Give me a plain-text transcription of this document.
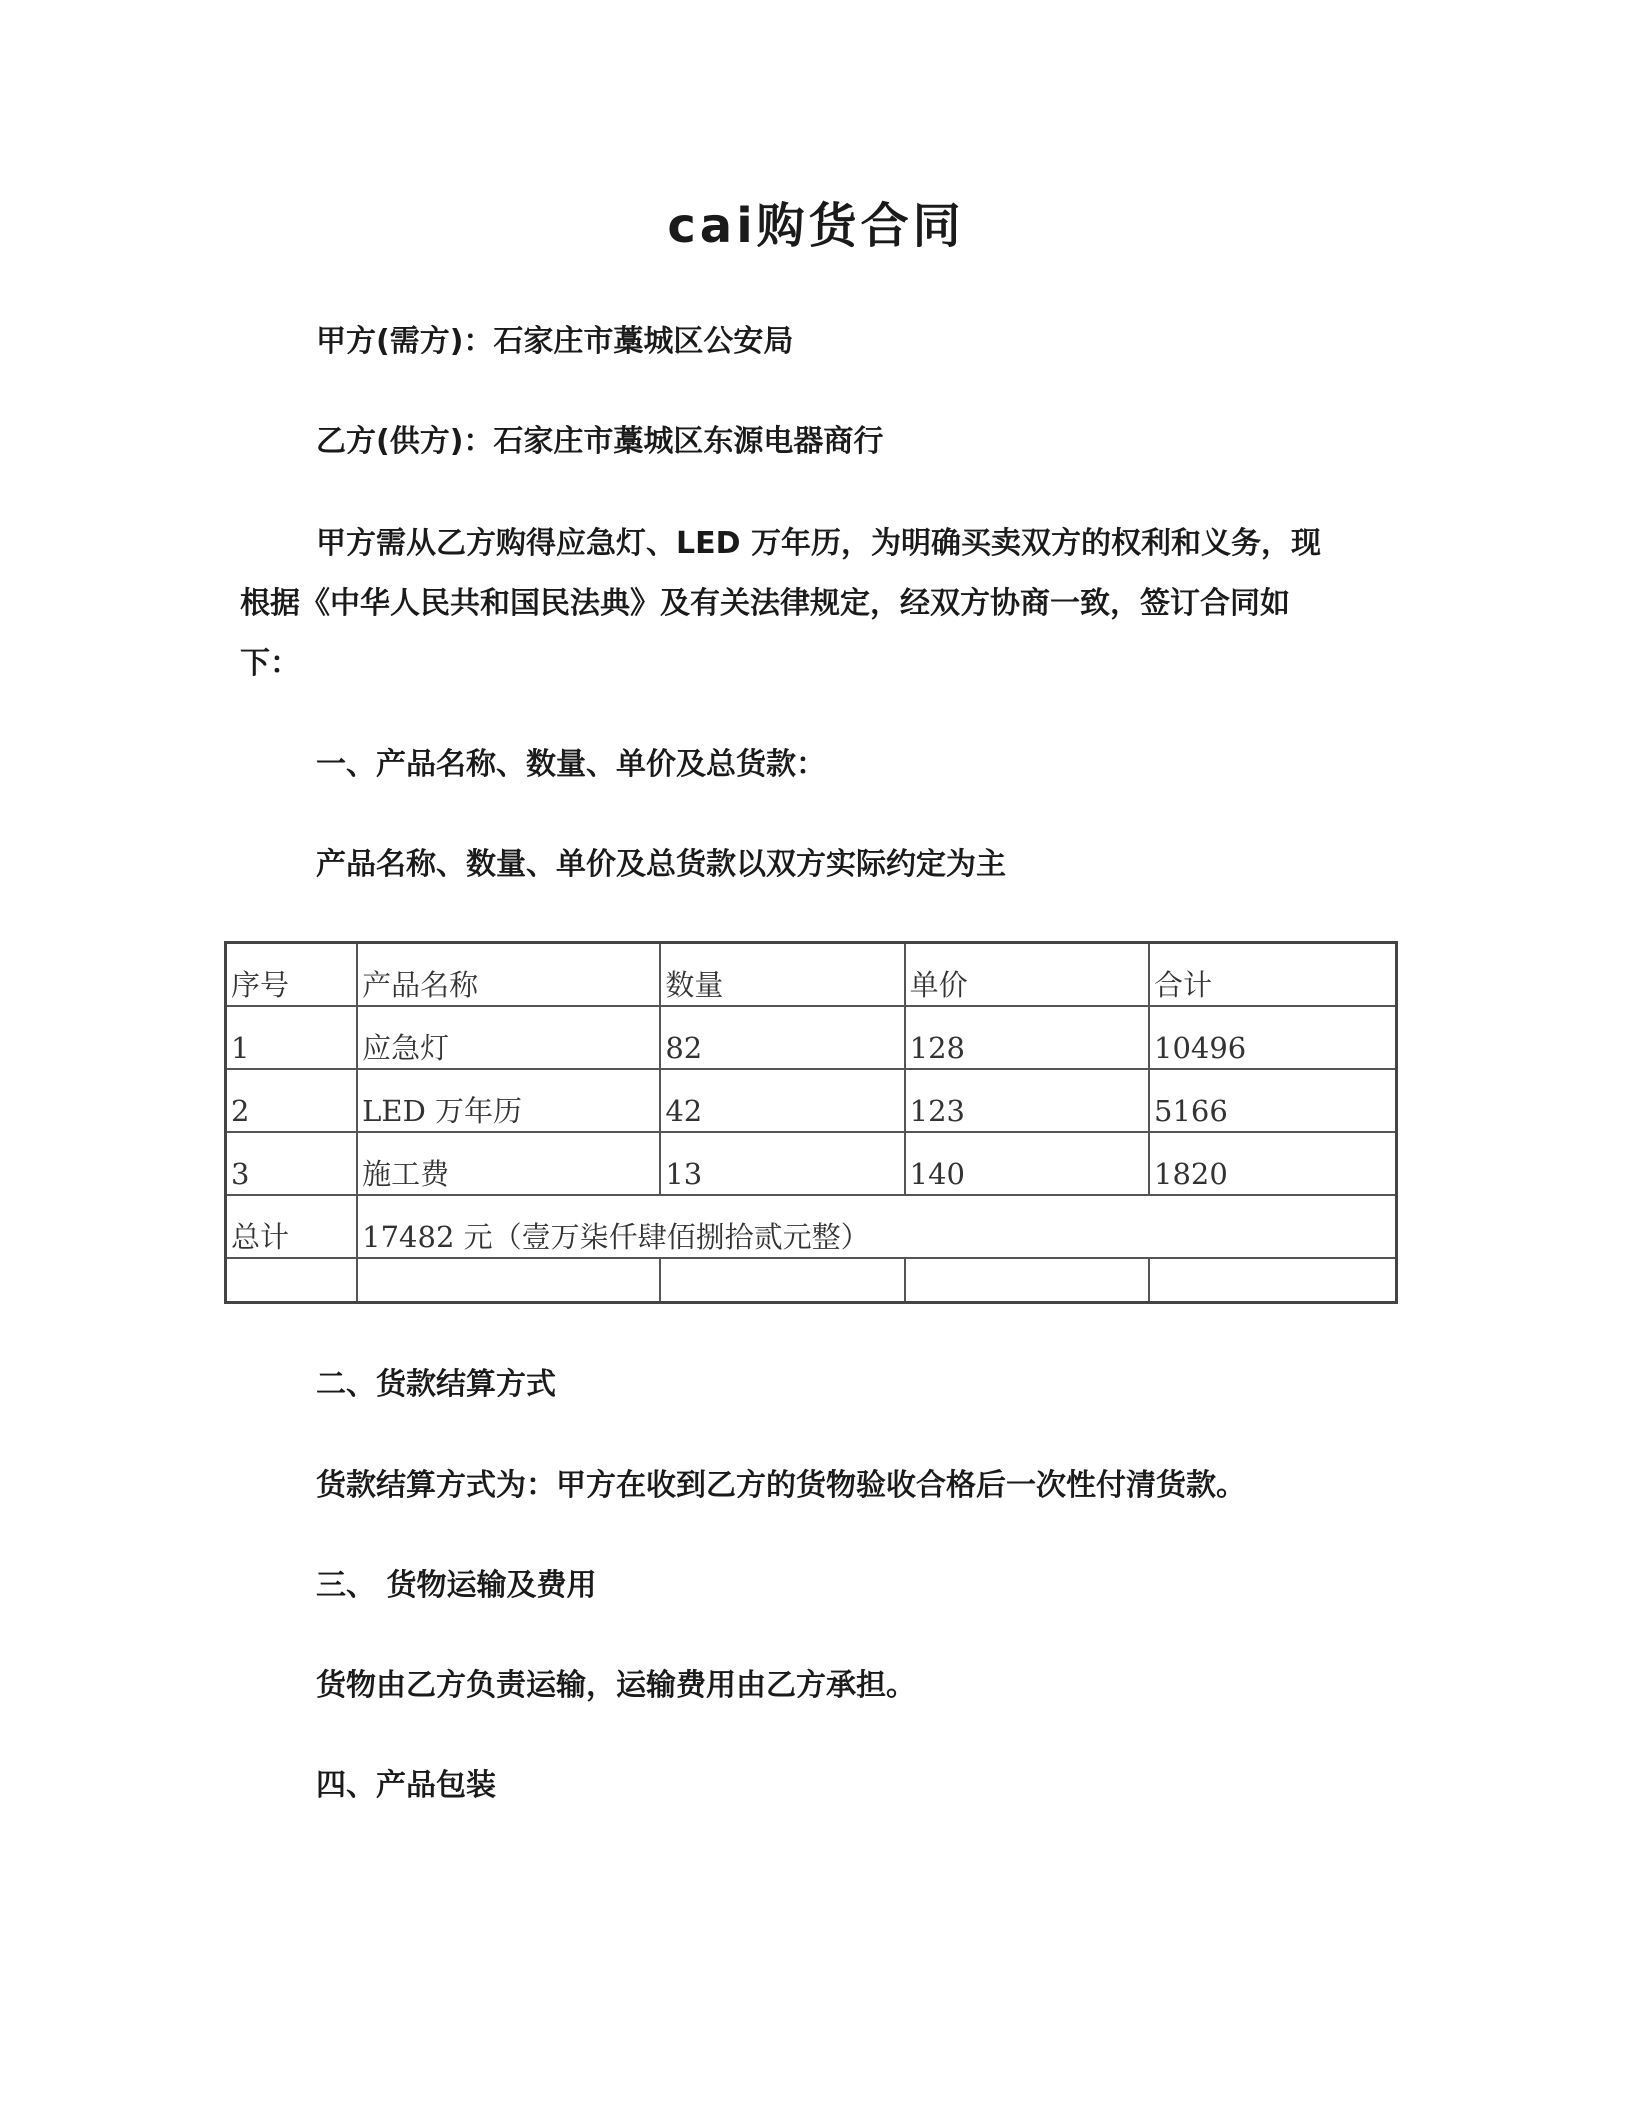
cai购货合同
甲方(需方)：石家庄市藁城区公安局
乙方(供方)：石家庄市藁城区东源电器商行
甲方需从乙方购得应急灯、LED 万年历，为明确买卖双方的权利和义务，现
根据《中华人民共和国民法典》及有关法律规定，经双方协商一致，签订合同如
下：
一、产品名称、数量、单价及总货款：
产品名称、数量、单价及总货款以双方实际约定为主
序号	产品名称	数量	单价	合计
1	应急灯	82	128	10496
2	LED 万年历	42	123	5166
3	施工费	13	140	1820
总计	17482 元（壹万柒仟肆佰捌拾贰元整）			

二、货款结算方式
货款结算方式为：甲方在收到乙方的货物验收合格后一次性付清货款。
三、 货物运输及费用
货物由乙方负责运输，运输费用由乙方承担。
四、产品包装
